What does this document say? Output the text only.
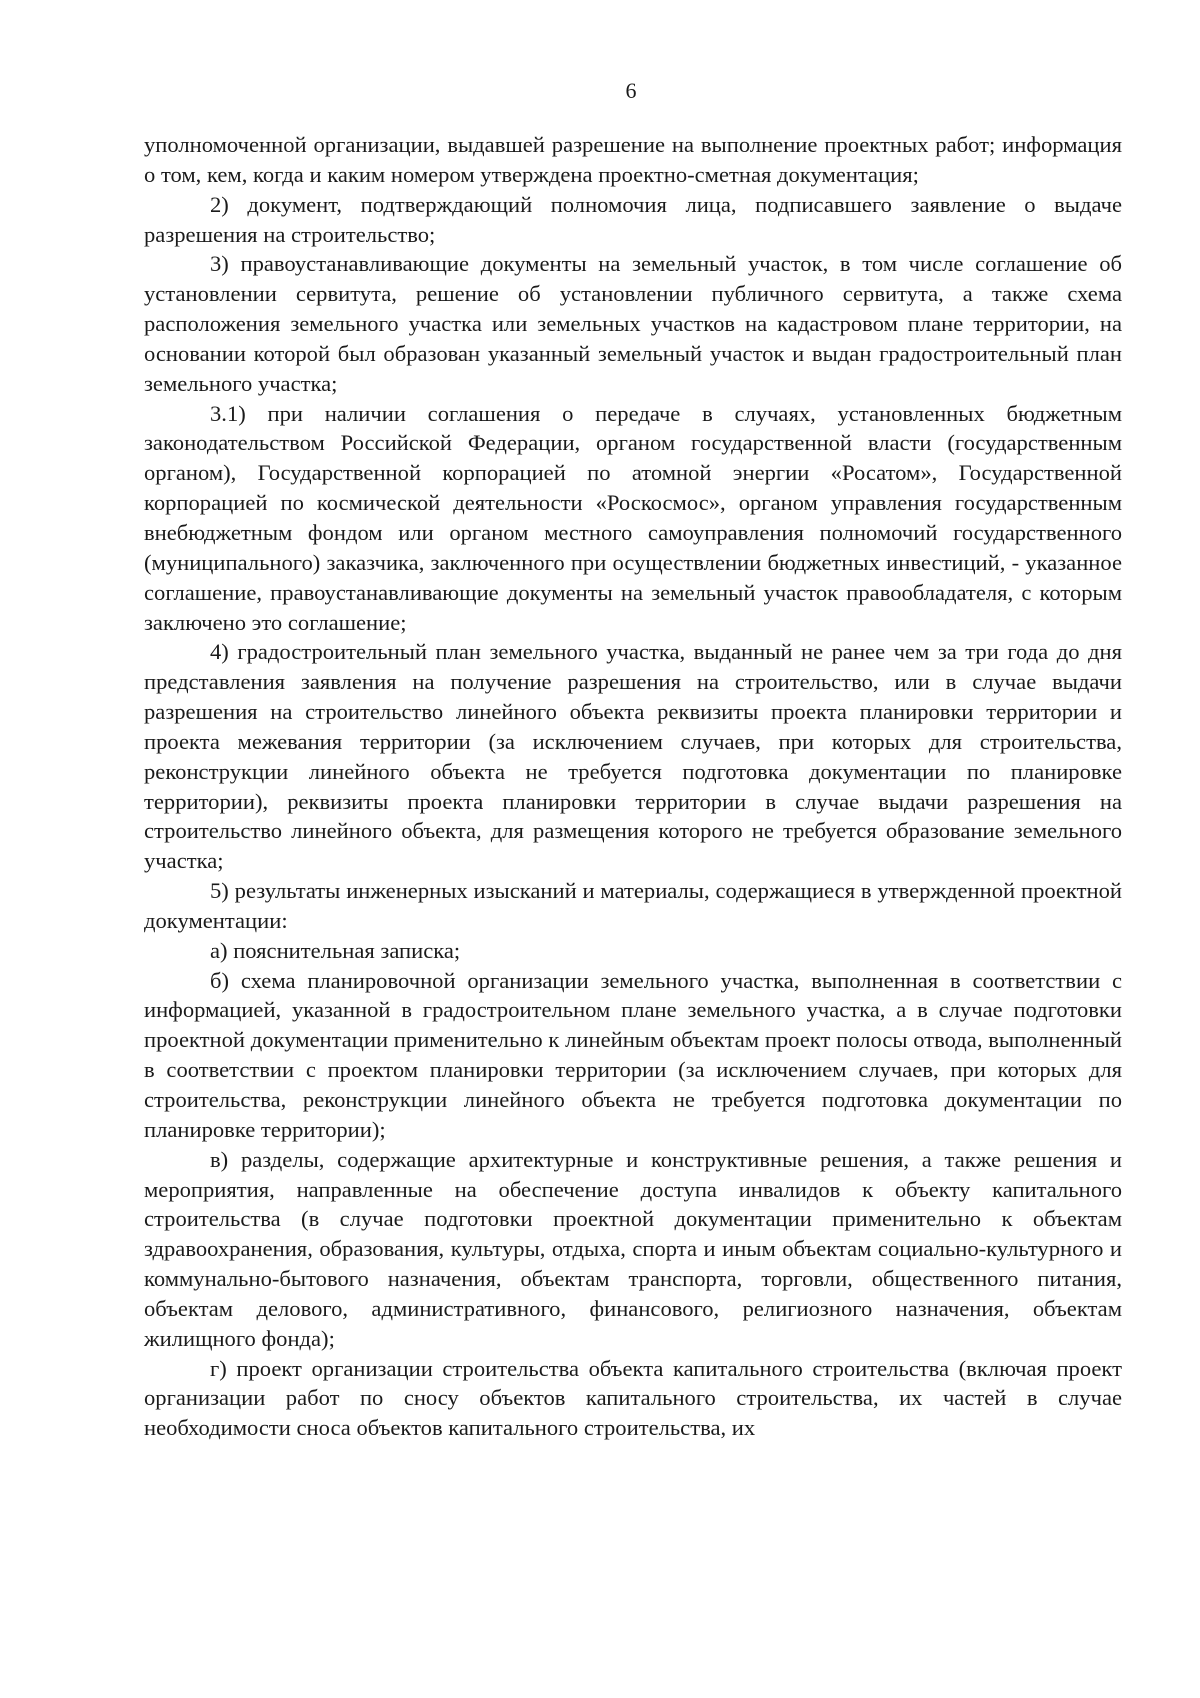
6

уполномоченной организации, выдавшей разрешение на выполнение проектных работ; информация о том, кем, когда и каким номером утверждена проектно-сметная документация;

2) документ, подтверждающий полномочия лица, подписавшего заявление о выдаче разрешения на строительство;

3) правоустанавливающие документы на земельный участок, в том числе соглашение об установлении сервитута, решение об установлении публичного сервитута, а также схема расположения земельного участка или земельных участков на кадастровом плане территории, на основании которой был образован указанный земельный участок и выдан градостроительный план земельного участка;

3.1) при наличии соглашения о передаче в случаях, установленных бюджетным законодательством Российской Федерации, органом государственной власти (государственным органом), Государственной корпорацией по атомной энергии «Росатом», Государственной корпорацией по космической деятельности «Роскосмос», органом управления государственным внебюджетным фондом или органом местного самоуправления полномочий государственного (муниципального) заказчика, заключенного при осуществлении бюджетных инвестиций, - указанное соглашение, правоустанавливающие документы на земельный участок правообладателя, с которым заключено это соглашение;

4) градостроительный план земельного участка, выданный не ранее чем за три года до дня представления заявления на получение разрешения на строительство, или в случае выдачи разрешения на строительство линейного объекта реквизиты проекта планировки территории и проекта межевания территории (за исключением случаев, при которых для строительства, реконструкции линейного объекта не требуется подготовка документации по планировке территории), реквизиты проекта планировки территории в случае выдачи разрешения на строительство линейного объекта, для размещения которого не требуется образование земельного участка;

5) результаты инженерных изысканий и материалы, содержащиеся в утвержденной проектной документации:

а) пояснительная записка;

б) схема планировочной организации земельного участка, выполненная в соответствии с информацией, указанной в градостроительном плане земельного участка, а в случае подготовки проектной документации применительно к линейным объектам проект полосы отвода, выполненный в соответствии с проектом планировки территории (за исключением случаев, при которых для строительства, реконструкции линейного объекта не требуется подготовка документации по планировке территории);

в) разделы, содержащие архитектурные и конструктивные решения, а также решения и мероприятия, направленные на обеспечение доступа инвалидов к объекту капитального строительства (в случае подготовки проектной документации применительно к объектам здравоохранения, образования, культуры, отдыха, спорта и иным объектам социально-культурного и коммунально-бытового назначения, объектам транспорта, торговли, общественного питания, объектам делового, административного, финансового, религиозного назначения, объектам жилищного фонда);

г) проект организации строительства объекта капитального строительства (включая проект организации работ по сносу объектов капитального строительства, их частей в случае необходимости сноса объектов капитального строительства, их
